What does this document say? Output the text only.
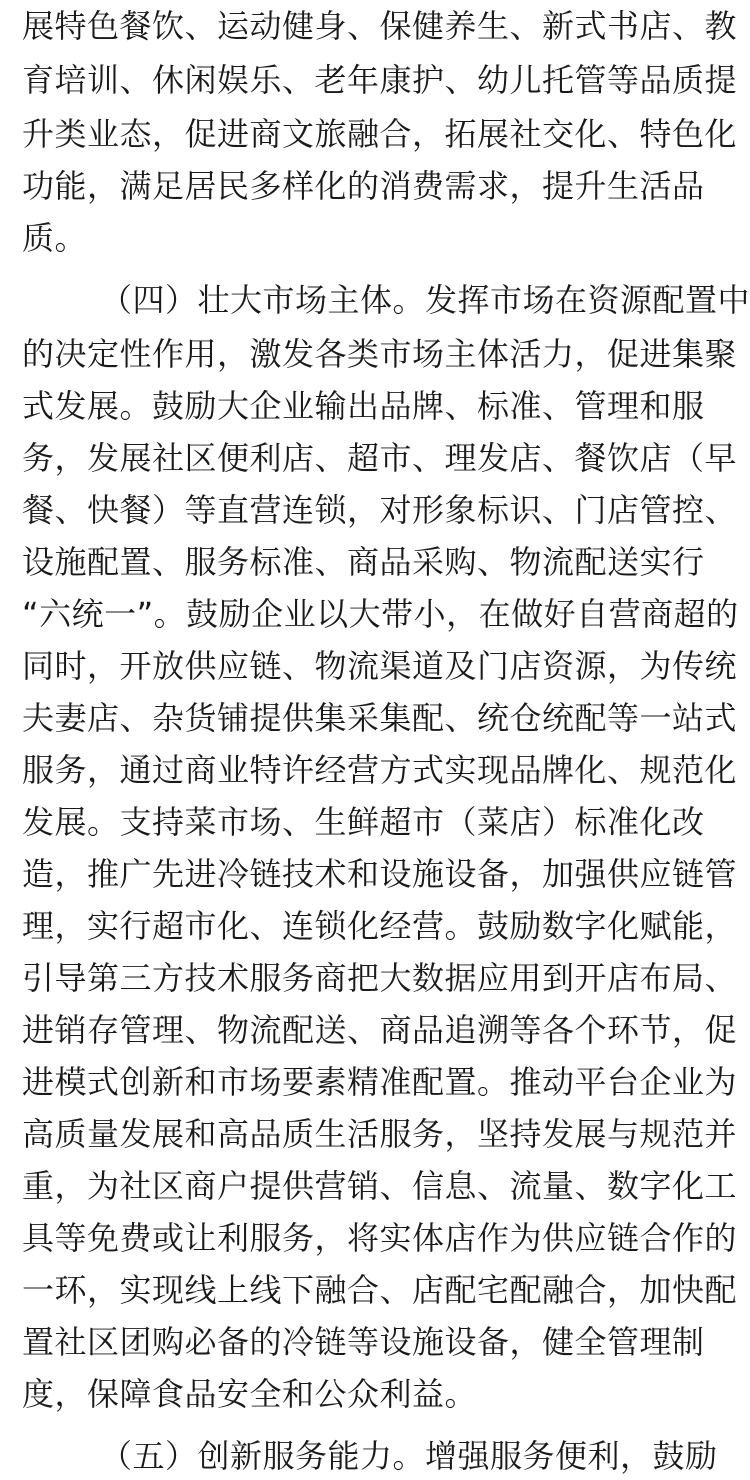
展特色餐饮、运动健身、保健养生、新式书店、教
育培训、休闲娱乐、老年康护、幼儿托管等品质提
升类业态，促进商文旅融合，拓展社交化、特色化
功能，满足居民多样化的消费需求，提升生活品
质。
（四）壮大市场主体。发挥市场在资源配置中
的决定性作用，激发各类市场主体活力，促进集聚
式发展。鼓励大企业输出品牌、标准、管理和服
务，发展社区便利店、超市、理发店、餐饮店（早
餐、快餐）等直营连锁，对形象标识、门店管控、
设施配置、服务标准、商品采购、物流配送实行
“六统一”。鼓励企业以大带小，在做好自营商超的
同时，开放供应链、物流渠道及门店资源，为传统
夫妻店、杂货铺提供集采集配、统仓统配等一站式
服务，通过商业特许经营方式实现品牌化、规范化
发展。支持菜市场、生鲜超市（菜店）标准化改
造，推广先进冷链技术和设施设备，加强供应链管
理，实行超市化、连锁化经营。鼓励数字化赋能，
引导第三方技术服务商把大数据应用到开店布局、
进销存管理、物流配送、商品追溯等各个环节，促
进模式创新和市场要素精准配置。推动平台企业为
高质量发展和高品质生活服务，坚持发展与规范并
重，为社区商户提供营销、信息、流量、数字化工
具等免费或让利服务，将实体店作为供应链合作的
一环，实现线上线下融合、店配宅配融合，加快配
置社区团购必备的冷链等设施设备，健全管理制
度，保障食品安全和公众利益。
（五）创新服务能力。增强服务便利，鼓励
